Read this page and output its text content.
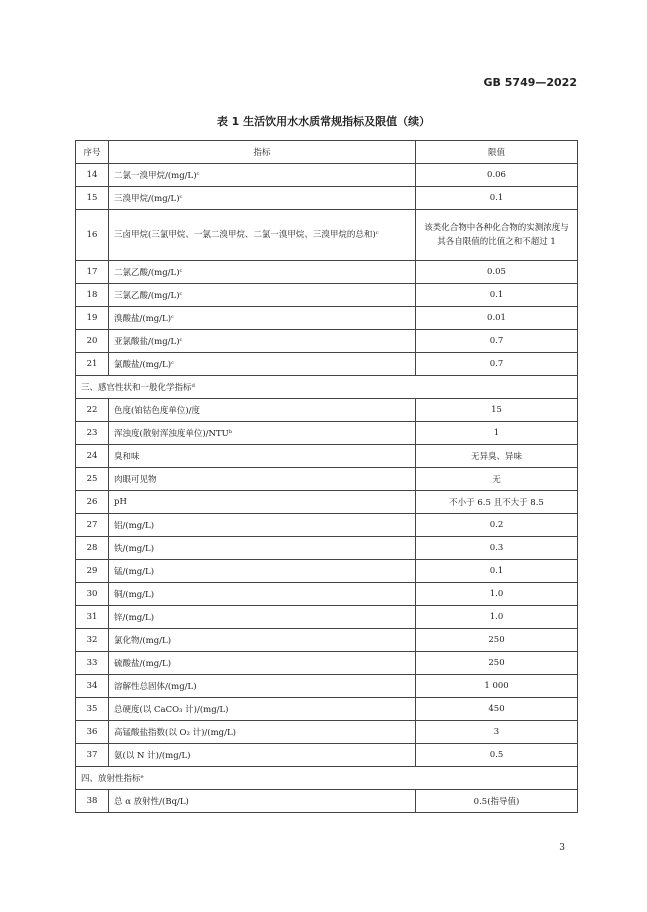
GB 5749—2022
表 1 生活饮用水水质常规指标及限值（续）
序号	指标	限值
14	二氯一溴甲烷/(mg/L)ᶜ	0.06
15	三溴甲烷/(mg/L)ᶜ	0.1
16	三卤甲烷(三氯甲烷、一氯二溴甲烷、二氯一溴甲烷、三溴甲烷的总和)ᶜ	该类化合物中各种化合物的实测浓度与其各自限值的比值之和不超过 1
17	二氯乙酸/(mg/L)ᶜ	0.05
18	三氯乙酸/(mg/L)ᶜ	0.1
19	溴酸盐/(mg/L)ᶜ	0.01
20	亚氯酸盐/(mg/L)ᶜ	0.7
21	氯酸盐/(mg/L)ᶜ	0.7
三、感官性状和一般化学指标ᵈ		
22	色度(铂钴色度单位)/度	15
23	浑浊度(散射浑浊度单位)/NTUᵇ	1
24	臭和味	无异臭、异味
25	肉眼可见物	无
26	pH	不小于 6.5 且不大于 8.5
27	铝/(mg/L)	0.2
28	铁/(mg/L)	0.3
29	锰/(mg/L)	0.1
30	铜/(mg/L)	1.0
31	锌/(mg/L)	1.0
32	氯化物/(mg/L)	250
33	硫酸盐/(mg/L)	250
34	溶解性总固体/(mg/L)	1 000
35	总硬度(以 CaCO₃ 计)/(mg/L)	450
36	高锰酸盐指数(以 O₂ 计)/(mg/L)	3
37	氨(以 N 计)/(mg/L)	0.5
四、放射性指标ᵉ		
38	总 α 放射性/(Bq/L)	0.5(指导值)
3
